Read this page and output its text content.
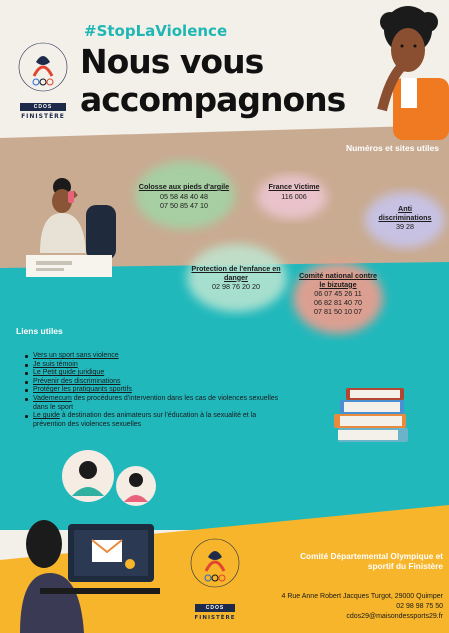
CDOS
FINISTÈRE
#StopLaViolence
Nous vous
accompagnons
Numéros et sites utiles
Colosse aux pieds d'argile
05 58 48 40 48
07 50 85 47 10
France Victime
116 006
Anti discriminations
39 28
Protection de l'enfance en danger
02 98 76 20 20
Comité national contre le bizutage
06 07 45 26 11
06 82 81 40 70
07 81 50 10 07
Liens utiles
Vers un sport sans violence
Je suis témoin
Le Petit guide juridique
Prévenir des discriminations
Protéger les pratiquants sportifs
Vademecum des procédures d'intervention dans les cas de violences sexuelles dans le sport
Le guide à destination des animateurs sur l'éducation à la sexualité et la prévention des violences sexuelles
CDOS
FINISTÈRE
Comité Départemental Olympique et
sportif du Finistère
4 Rue Anne Robert Jacques Turgot, 29000 Quimper
02 98 98 75 50
cdos29@maisondessports29.fr
